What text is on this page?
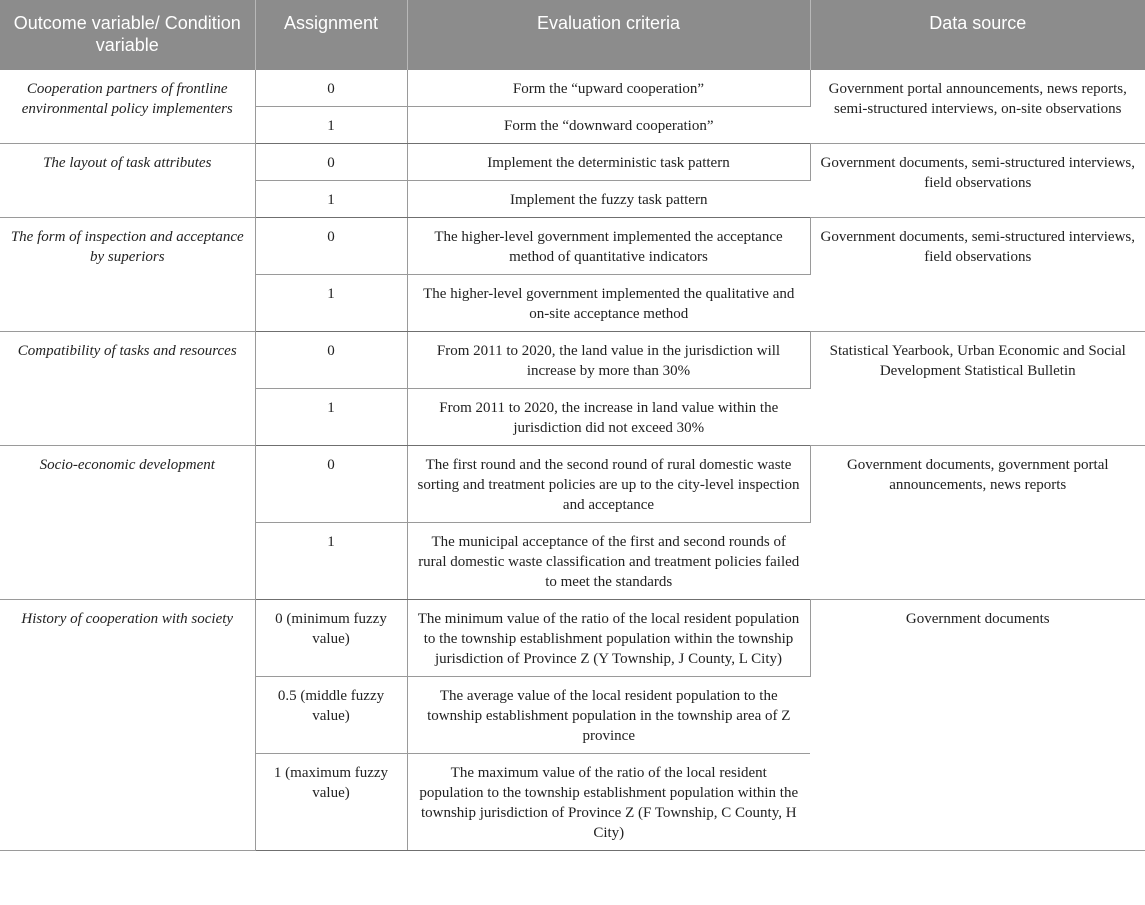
Outcome variable/ Condition variable	Assignment	Evaluation criteria	Data source

Cooperation partners of frontline environmental policy implementers	0	Form the “upward cooperation”	Government portal announcements, news reports, semi-structured interviews, on-site observations
	1	Form the “downward cooperation”	
The layout of task attributes	0	Implement the deterministic task pattern	Government documents, semi-structured interviews, field observations
	1	Implement the fuzzy task pattern	
The form of inspection and acceptance by superiors	0	The higher-level government implemented the acceptance method of quantitative indicators	Government documents, semi-structured interviews, field observations
	1	The higher-level government implemented the qualitative and on-site acceptance method	
Compatibility of tasks and resources	0	From 2011 to 2020, the land value in the jurisdiction will increase by more than 30%	Statistical Yearbook, Urban Economic and Social Development Statistical Bulletin
	1	From 2011 to 2020, the increase in land value within the jurisdiction did not exceed 30%	
Socio-economic development	0	The first round and the second round of rural domestic waste sorting and treatment policies are up to the city-level inspection and acceptance	Government documents, government portal announcements, news reports
	1	The municipal acceptance of the first and second rounds of rural domestic waste classification and treatment policies failed to meet the standards	
History of cooperation with society	0 (minimum fuzzy value)	The minimum value of the ratio of the local resident population to the township establishment population within the township jurisdiction of Province Z (Y Township, J County, L City)	Government documents
	0.5 (middle fuzzy value)	The average value of the local resident population to the township establishment population in the township area of Z province	
	1 (maximum fuzzy value)	The maximum value of the ratio of the local resident population to the township establishment population within the township jurisdiction of Province Z (F Township, C County, H City)	
